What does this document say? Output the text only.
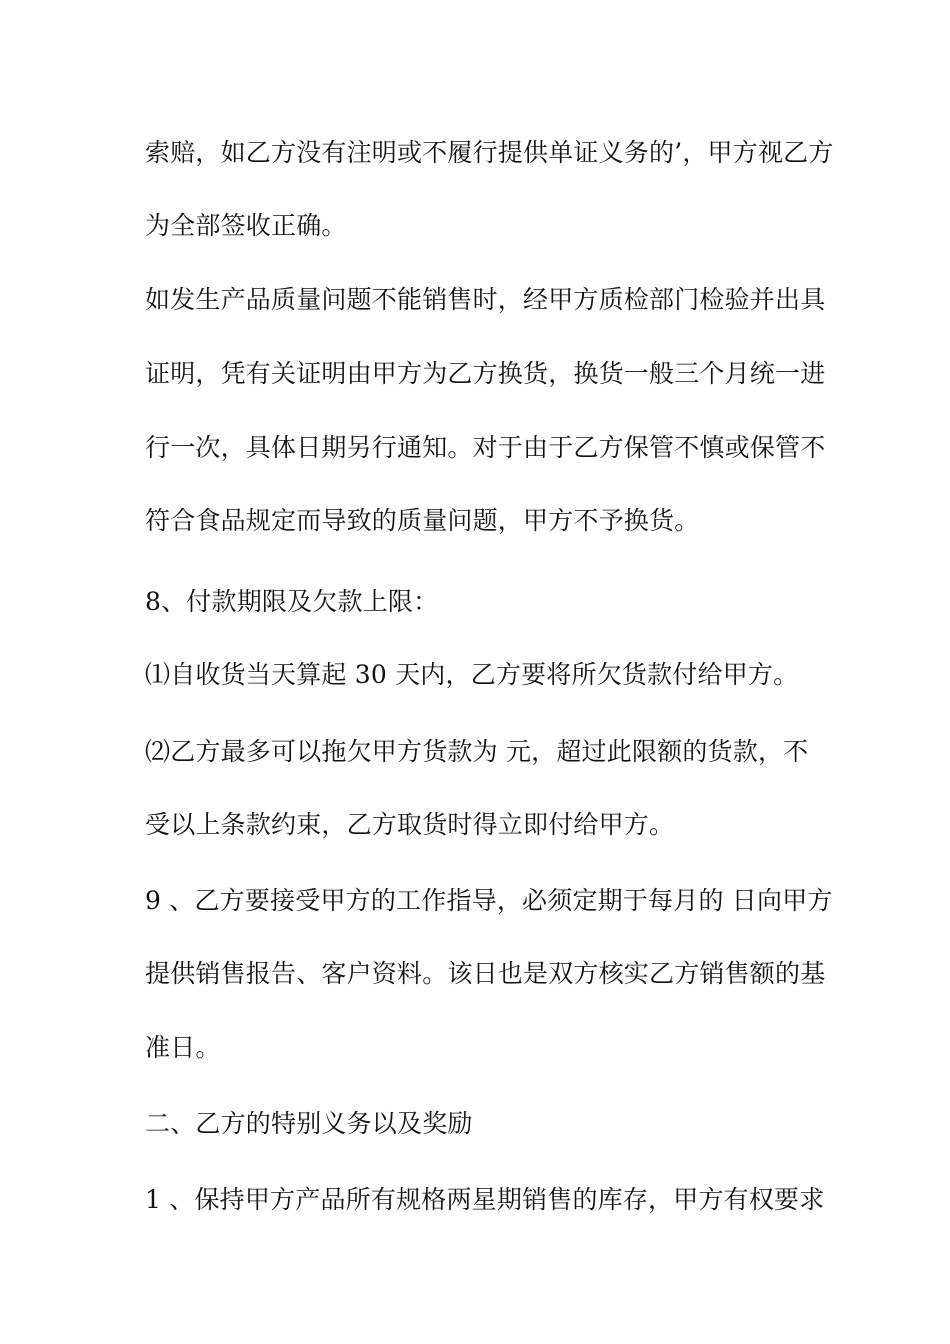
索赔，如乙方没有注明或不履行提供单证义务的’，甲方视乙方
为全部签收正确。
如发生产品质量问题不能销售时，经甲方质检部门检验并出具
证明，凭有关证明由甲方为乙方换货，换货一般三个月统一进
行一次，具体日期另行通知。对于由于乙方保管不慎或保管不
符合食品规定而导致的质量问题，甲方不予换货。
8、付款期限及欠款上限：
⑴自收货当天算起 30 天内，乙方要将所欠货款付给甲方。
⑵乙方最多可以拖欠甲方货款为 元，超过此限额的货款，不
受以上条款约束，乙方取货时得立即付给甲方。
9 、乙方要接受甲方的工作指导，必须定期于每月的 日向甲方
提供销售报告、客户资料。该日也是双方核实乙方销售额的基
准日。
二、乙方的特别义务以及奖励
1 、保持甲方产品所有规格两星期销售的库存，甲方有权要求
